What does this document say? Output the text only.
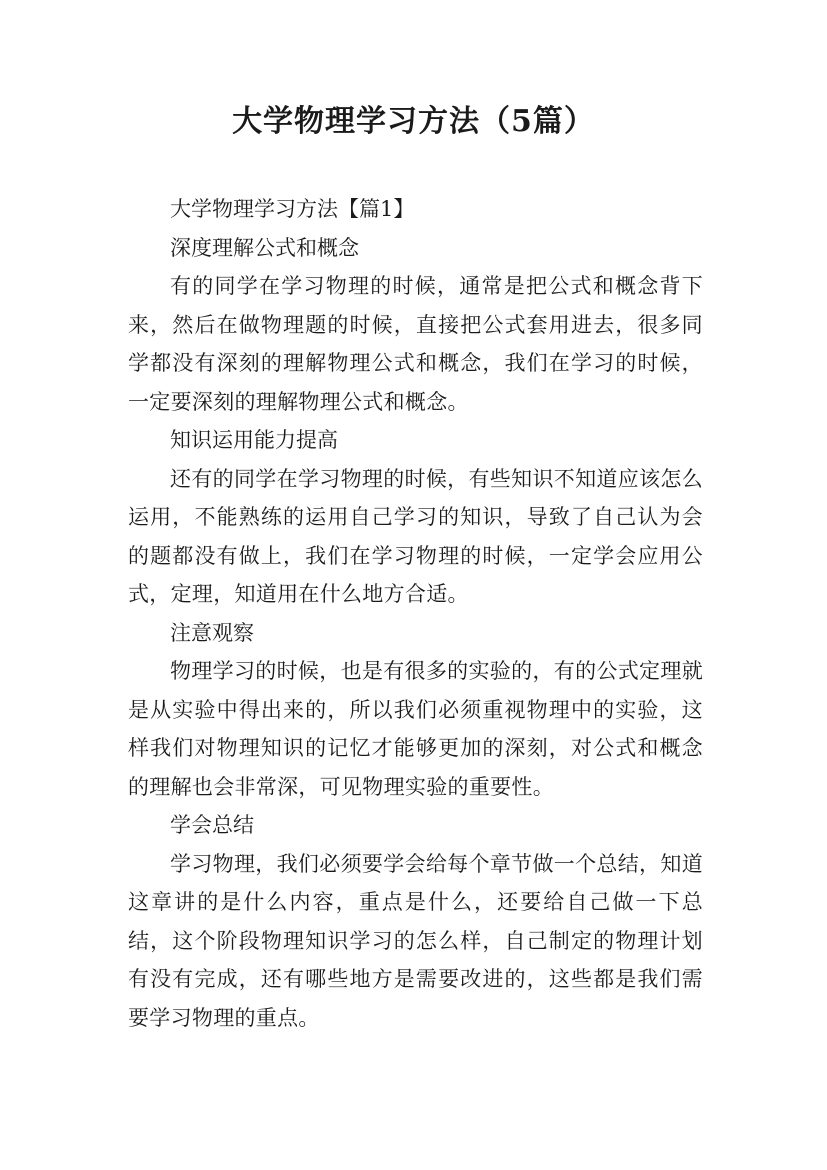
大学物理学习方法（5篇）
大学物理学习方法【篇1】
深度理解公式和概念
有的同学在学习物理的时候，通常是把公式和概念背下来，然后在做物理题的时候，直接把公式套用进去，很多同学都没有深刻的理解物理公式和概念，我们在学习的时候，一定要深刻的理解物理公式和概念。
知识运用能力提高
还有的同学在学习物理的时候，有些知识不知道应该怎么运用，不能熟练的运用自己学习的知识，导致了自己认为会的题都没有做上，我们在学习物理的时候，一定学会应用公式，定理，知道用在什么地方合适。
注意观察
物理学习的时候，也是有很多的实验的，有的公式定理就是从实验中得出来的，所以我们必须重视物理中的实验，这样我们对物理知识的记忆才能够更加的深刻，对公式和概念的理解也会非常深，可见物理实验的重要性。
学会总结
学习物理，我们必须要学会给每个章节做一个总结，知道这章讲的是什么内容，重点是什么，还要给自己做一下总结，这个阶段物理知识学习的怎么样，自己制定的物理计划有没有完成，还有哪些地方是需要改进的，这些都是我们需要学习物理的重点。
